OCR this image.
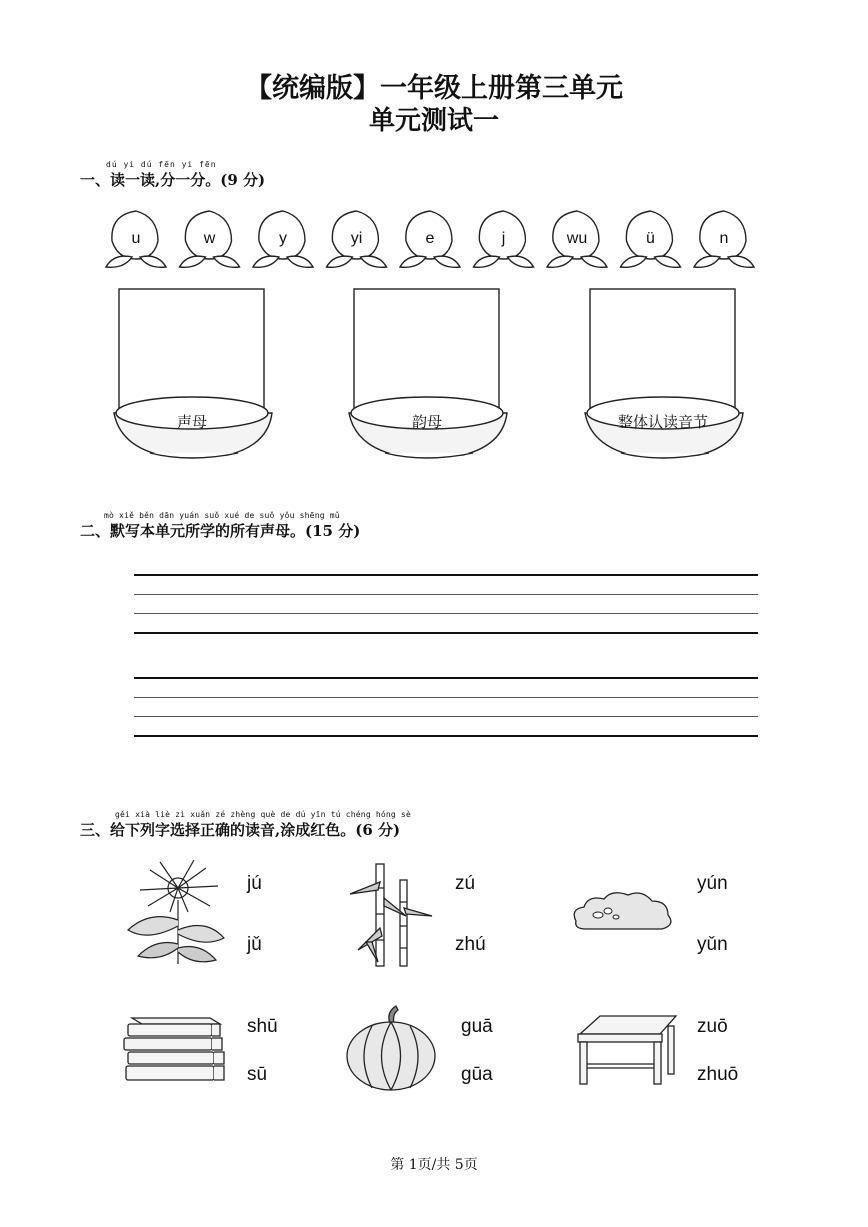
【统编版】一年级上册第三单元
单元测试一
dú yi dú fēn yi fēn
一、读一读,分一分。(9 分)
u	w	y	yi	e	j	wu	ü	n
声母	韵母	整体认读音节
mò xiě běn dān yuán suǒ xué de suǒ yǒu shēng mǔ
二、默写本单元所学的所有声母。(15 分)
gěi xià liè zì xuǎn zé zhèng què de dú yīn tú chéng hóng sè
三、给下列字选择正确的读音,涂成红色。(6 分)
jú
jǔ
zú
zhú
yún
yǔn
shū
sū
guā
gūa
zuō
zhuō
第 1页/共 5页
